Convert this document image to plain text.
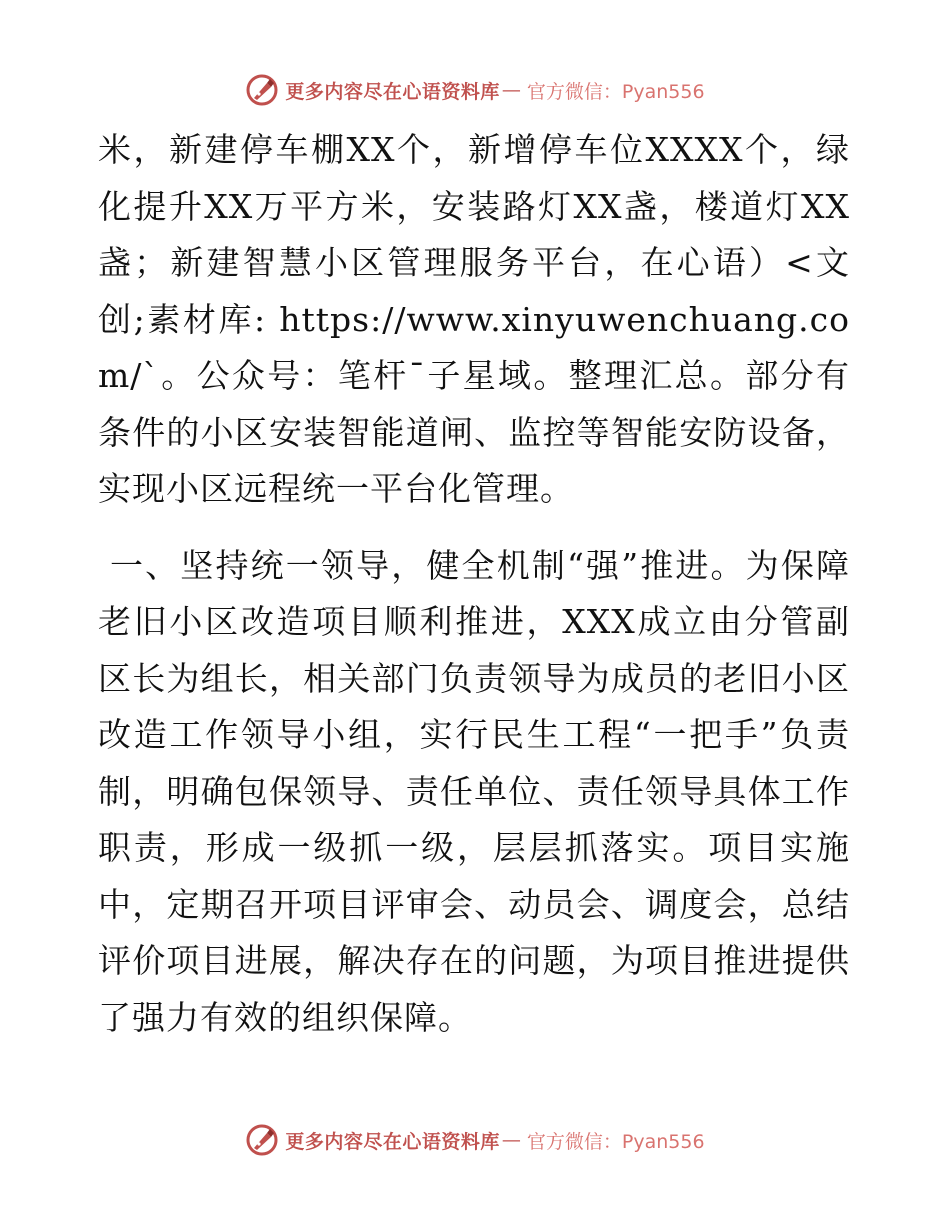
更多内容尽在心语资料库 — 官方微信：Pyan556

米，新建停车棚XX个，新增停车位XXXX个，绿化提升XX万平方米，安装路灯XX盏，楼道灯XX盏；新建智慧小区管理服务平台，在心语）<文创;素材库: https://www.xinyuwenchuang.com/`。公众号：笔杆¯子星域。整理汇总。部分有条件的小区安装智能道闸、监控等智能安防设备，实现小区远程统一平台化管理。

一、坚持统一领导，健全机制“强”推进。为保障老旧小区改造项目顺利推进，XXX成立由分管副区长为组长，相关部门负责领导为成员的老旧小区改造工作领导小组，实行民生工程“一把手”负责制，明确包保领导、责任单位、责任领导具体工作职责，形成一级抓一级，层层抓落实。项目实施中，定期召开项目评审会、动员会、调度会，总结评价项目进展，解决存在的问题，为项目推进提供了强力有效的组织保障。

更多内容尽在心语资料库 — 官方微信：Pyan556
